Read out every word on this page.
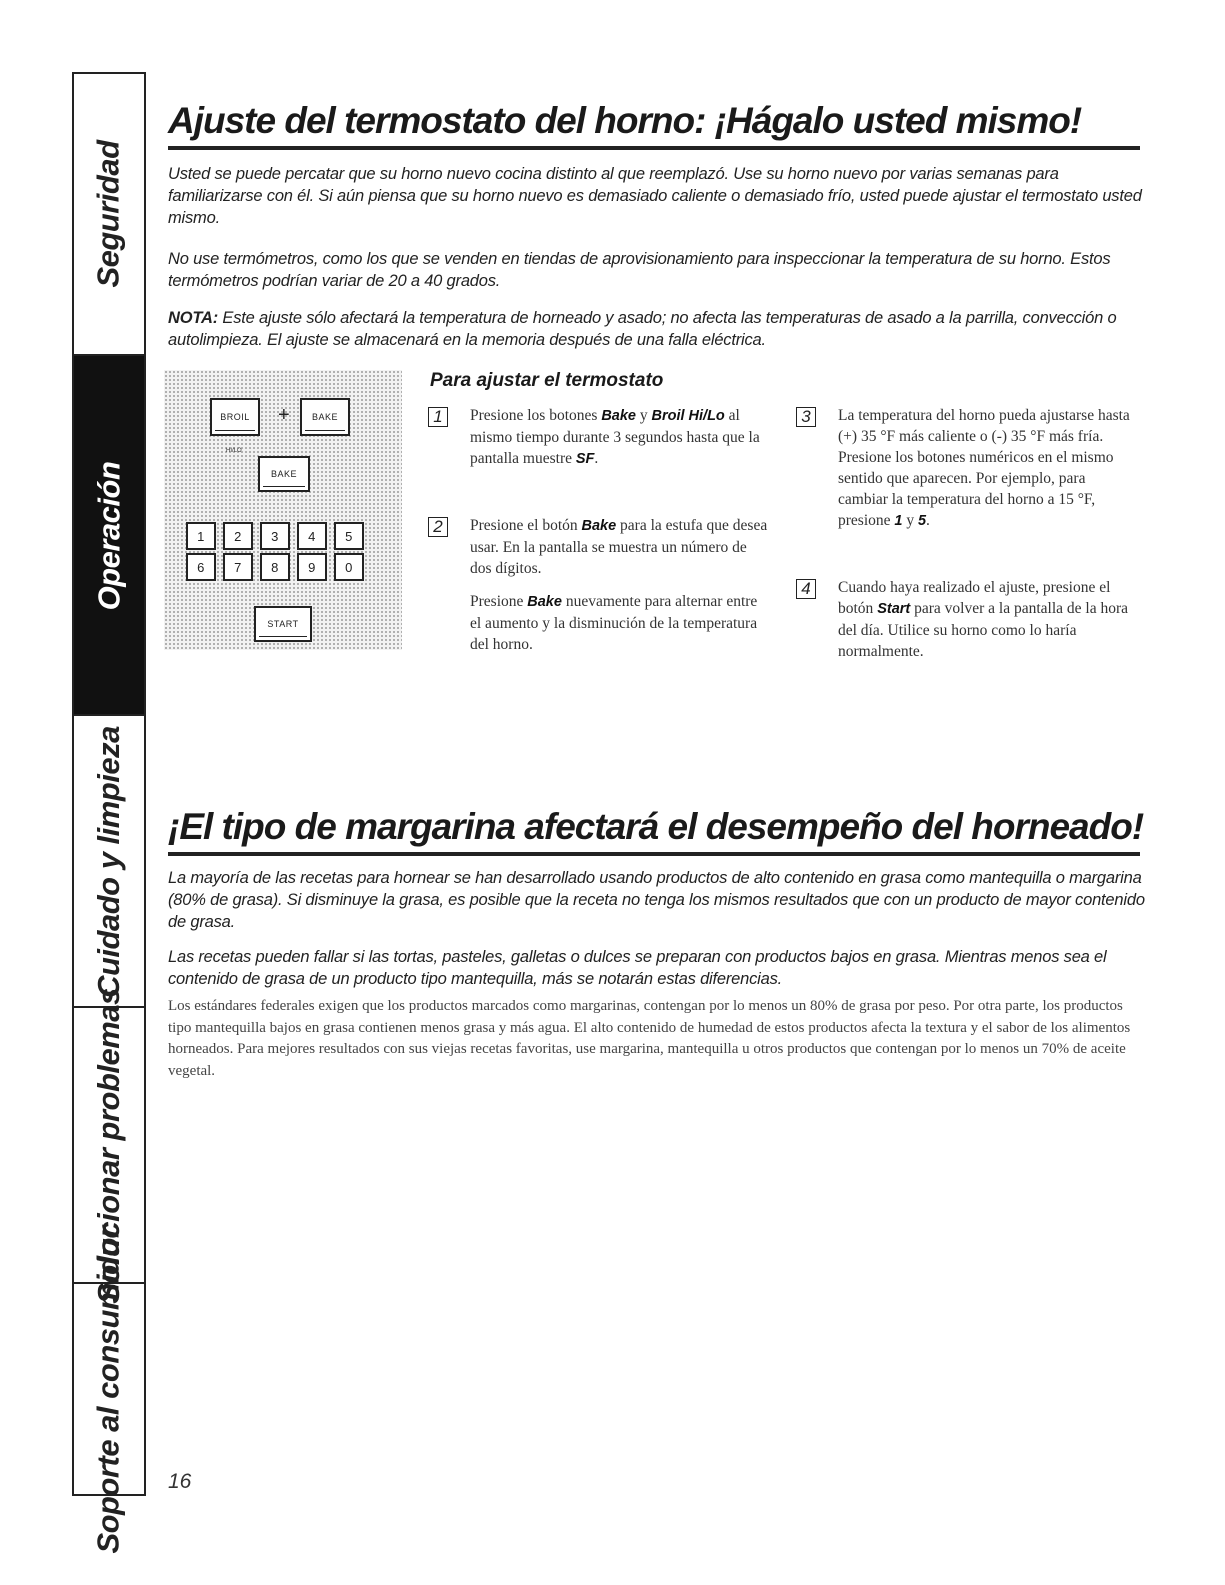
Seguridad
Operación
Cuidado y limpieza
Solucionar problemas
Soporte al consumidor
Ajuste del termostato del horno: ¡Hágalo usted mismo!

Usted se puede percatar que su horno nuevo cocina distinto al que reemplazó. Use su horno nuevo por varias semanas para familiarizarse con él. Si aún piensa que su horno nuevo es demasiado caliente o demasiado frío, usted puede ajustar el termostato usted mismo.

No use termómetros, como los que se venden en tiendas de aprovisionamiento para inspeccionar la temperatura de su horno. Estos termómetros podrían variar de 20 a 40 grados.

NOTA: Este ajuste sólo afectará la temperatura de horneado y asado; no afecta las temperaturas de asado a la parrilla, convección o autolimpieza. El ajuste se almacenará en la memoria después de una falla eléctrica.

BROIL + BAKE
HI/LO
BAKE
1	2	3	4	5
6	7	8	9	0
START
Para ajustar el termostato
1	Presione los botones Bake y Broil Hi/Lo al mismo tiempo durante 3 segundos hasta que la pantalla muestre SF.

2	Presione el botón Bake para la estufa que desea usar. En la pantalla se muestra un número de dos dígitos.

Presione Bake nuevamente para alternar entre el aumento y la disminución de la temperatura del horno.

3	La temperatura del horno pueda ajustarse hasta (+) 35 °F más caliente o (-) 35 °F más fría. Presione los botones numéricos en el mismo sentido que aparecen. Por ejemplo, para cambiar la temperatura del horno a 15 °F, presione 1 y 5.

4	Cuando haya realizado el ajuste, presione el botón Start para volver a la pantalla de la hora del día. Utilice su horno como lo haría normalmente.

¡El tipo de margarina afectará el desempeño del horneado!

La mayoría de las recetas para hornear se han desarrollado usando productos de alto contenido en grasa como mantequilla o margarina (80% de grasa). Si disminuye la grasa, es posible que la receta no tenga los mismos resultados que con un producto de mayor contenido de grasa.

Las recetas pueden fallar si las tortas, pasteles, galletas o dulces se preparan con productos bajos en grasa. Mientras menos sea el contenido de grasa de un producto tipo mantequilla, más se notarán estas diferencias.

Los estándares federales exigen que los productos marcados como margarinas, contengan por lo menos un 80% de grasa por peso. Por otra parte, los productos tipo mantequilla bajos en grasa contienen menos grasa y más agua. El alto contenido de humedad de estos productos afecta la textura y el sabor de los alimentos horneados. Para mejores resultados con sus viejas recetas favoritas, use margarina, mantequilla u otros productos que contengan por lo menos un 70% de aceite vegetal.

16
